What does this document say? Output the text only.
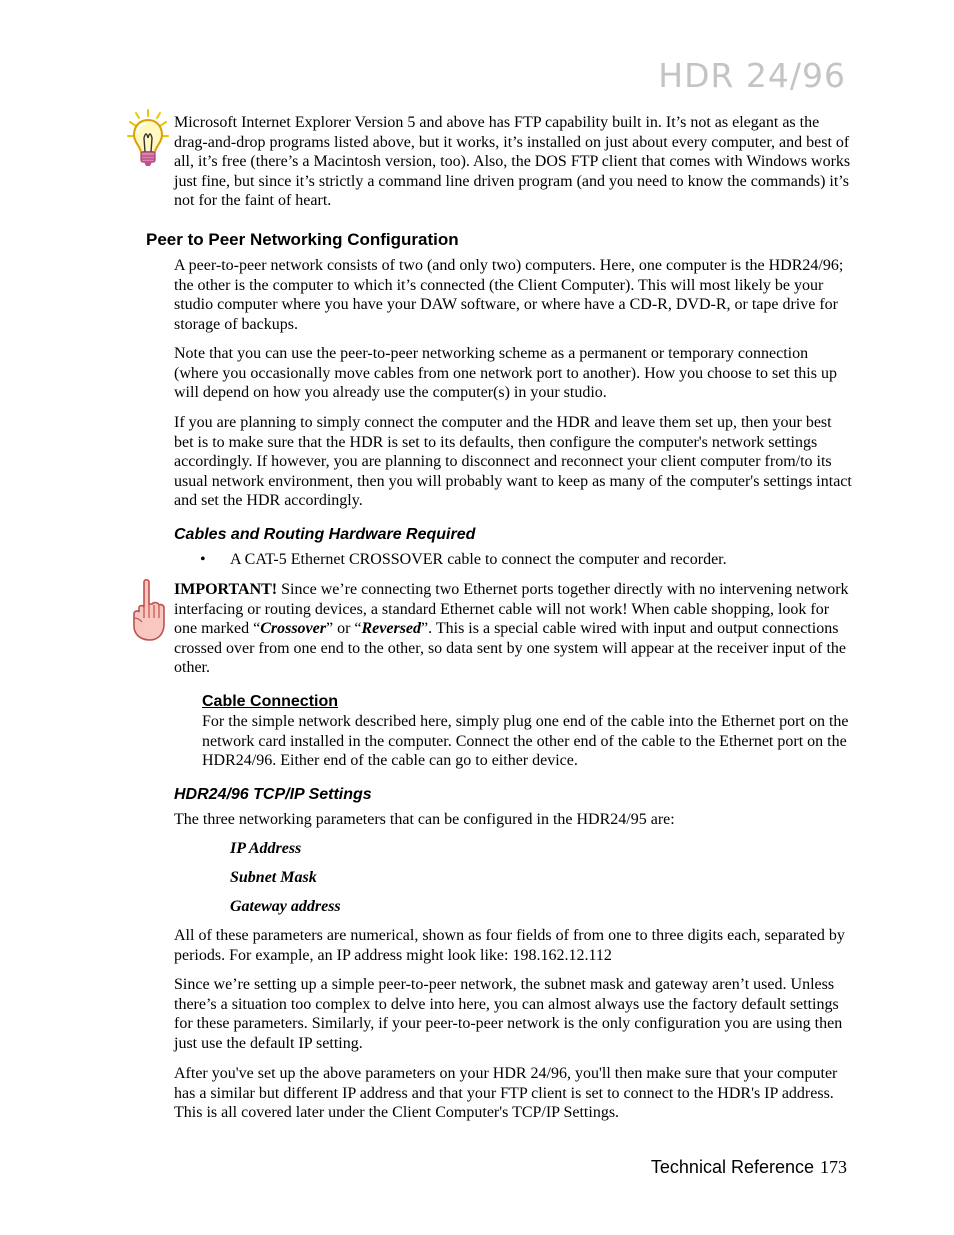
HDR 24/96

Microsoft Internet Explorer Version 5 and above has FTP capability built in. It’s not as elegant as the drag-and-drop programs listed above, but it works, it’s installed on just about every computer, and best of all, it’s free (there’s a Macintosh version, too). Also, the DOS FTP client that comes with Windows works just fine, but since it’s strictly a command line driven program (and you need to know the commands) it’s not for the faint of heart.

Peer to Peer Networking Configuration

A peer-to-peer network consists of two (and only two) computers. Here, one computer is the HDR24/96; the other is the computer to which it’s connected (the Client Computer). This will most likely be your studio computer where you have your DAW software, or where have a CD-R, DVD-R, or tape drive for storage of backups.

Note that you can use the peer-to-peer networking scheme as a permanent or temporary connection (where you occasionally move cables from one network port to another). How you choose to set this up will depend on how you already use the computer(s) in your studio.

If you are planning to simply connect the computer and the HDR and leave them set up, then your best bet is to make sure that the HDR is set to its defaults, then configure the computer's network settings accordingly. If however, you are planning to disconnect and reconnect your client computer from/to its usual network environment, then you will probably want to keep as many of the computer's settings intact and set the HDR accordingly.

Cables and Routing Hardware Required
• A CAT-5 Ethernet CROSSOVER cable to connect the computer and recorder.

IMPORTANT! Since we’re connecting two Ethernet ports together directly with no intervening network interfacing or routing devices, a standard Ethernet cable will not work! When cable shopping, look for one marked “Crossover” or “Reversed”. This is a special cable wired with input and output connections crossed over from one end to the other, so data sent by one system will appear at the receiver input of the other.

Cable Connection

For the simple network described here, simply plug one end of the cable into the Ethernet port on the network card installed in the computer. Connect the other end of the cable to the Ethernet port on the HDR24/96. Either end of the cable can go to either device.

HDR24/96 TCP/IP Settings

The three networking parameters that can be configured in the HDR24/95 are:

IP Address

Subnet Mask

Gateway address

All of these parameters are numerical, shown as four fields of from one to three digits each, separated by periods. For example, an IP address might look like: 198.162.12.112

Since we’re setting up a simple peer-to-peer network, the subnet mask and gateway aren’t used. Unless there’s a situation too complex to delve into here, you can almost always use the factory default settings for these parameters. Similarly, if your peer-to-peer network is the only configuration you are using then just use the default IP setting.

After you've set up the above parameters on your HDR 24/96, you'll then make sure that your computer has a similar but different IP address and that your FTP client is set to connect to the HDR's IP address. This is all covered later under the Client Computer's TCP/IP Settings.

Technical Reference 173
